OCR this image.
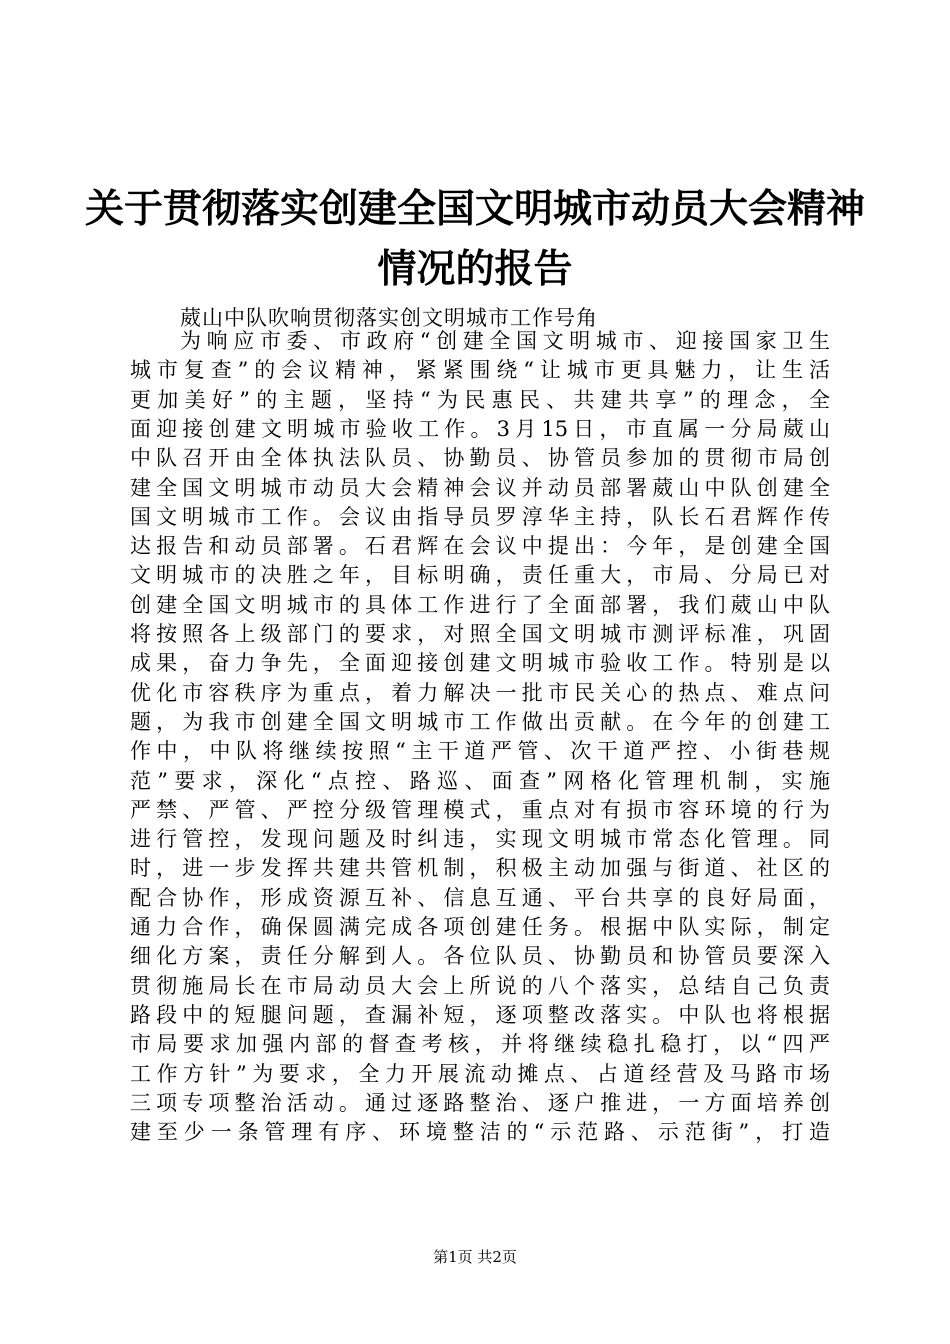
关于贯彻落实创建全国文明城市动员大会精神
情况的报告
葳山中队吹响贯彻落实创文明城市工作号角
为响应市委、市政府“创建全国文明城市、迎接国家卫生
城市复查”的会议精神，紧紧围绕“让城市更具魅力，让生活
更加美好”的主题，坚持“为民惠民、共建共享”的理念，全
面迎接创建文明城市验收工作。3月15日，市直属一分局葳山
中队召开由全体执法队员、协勤员、协管员参加的贯彻市局创
建全国文明城市动员大会精神会议并动员部署葳山中队创建全
国文明城市工作。会议由指导员罗淳华主持，队长石君辉作传
达报告和动员部署。石君辉在会议中提出：今年，是创建全国
文明城市的决胜之年，目标明确，责任重大，市局、分局已对
创建全国文明城市的具体工作进行了全面部署，我们葳山中队
将按照各上级部门的要求，对照全国文明城市测评标准，巩固
成果，奋力争先，全面迎接创建文明城市验收工作。特别是以
优化市容秩序为重点，着力解决一批市民关心的热点、难点问
题，为我市创建全国文明城市工作做出贡献。在今年的创建工
作中，中队将继续按照“主干道严管、次干道严控、小街巷规
范”要求，深化“点控、路巡、面查”网格化管理机制，实施
严禁、严管、严控分级管理模式，重点对有损市容环境的行为
进行管控，发现问题及时纠违，实现文明城市常态化管理。同
时，进一步发挥共建共管机制，积极主动加强与街道、社区的
配合协作，形成资源互补、信息互通、平台共享的良好局面，
通力合作，确保圆满完成各项创建任务。根据中队实际，制定
细化方案，责任分解到人。各位队员、协勤员和协管员要深入
贯彻施局长在市局动员大会上所说的八个落实，总结自己负责
路段中的短腿问题，查漏补短，逐项整改落实。中队也将根据
市局要求加强内部的督查考核，并将继续稳扎稳打，以“四严
工作方针”为要求，全力开展流动摊点、占道经营及马路市场
三项专项整治活动。通过逐路整治、逐户推进，一方面培养创
建至少一条管理有序、环境整洁的“示范路、示范街”，打造
第1页 共2页
